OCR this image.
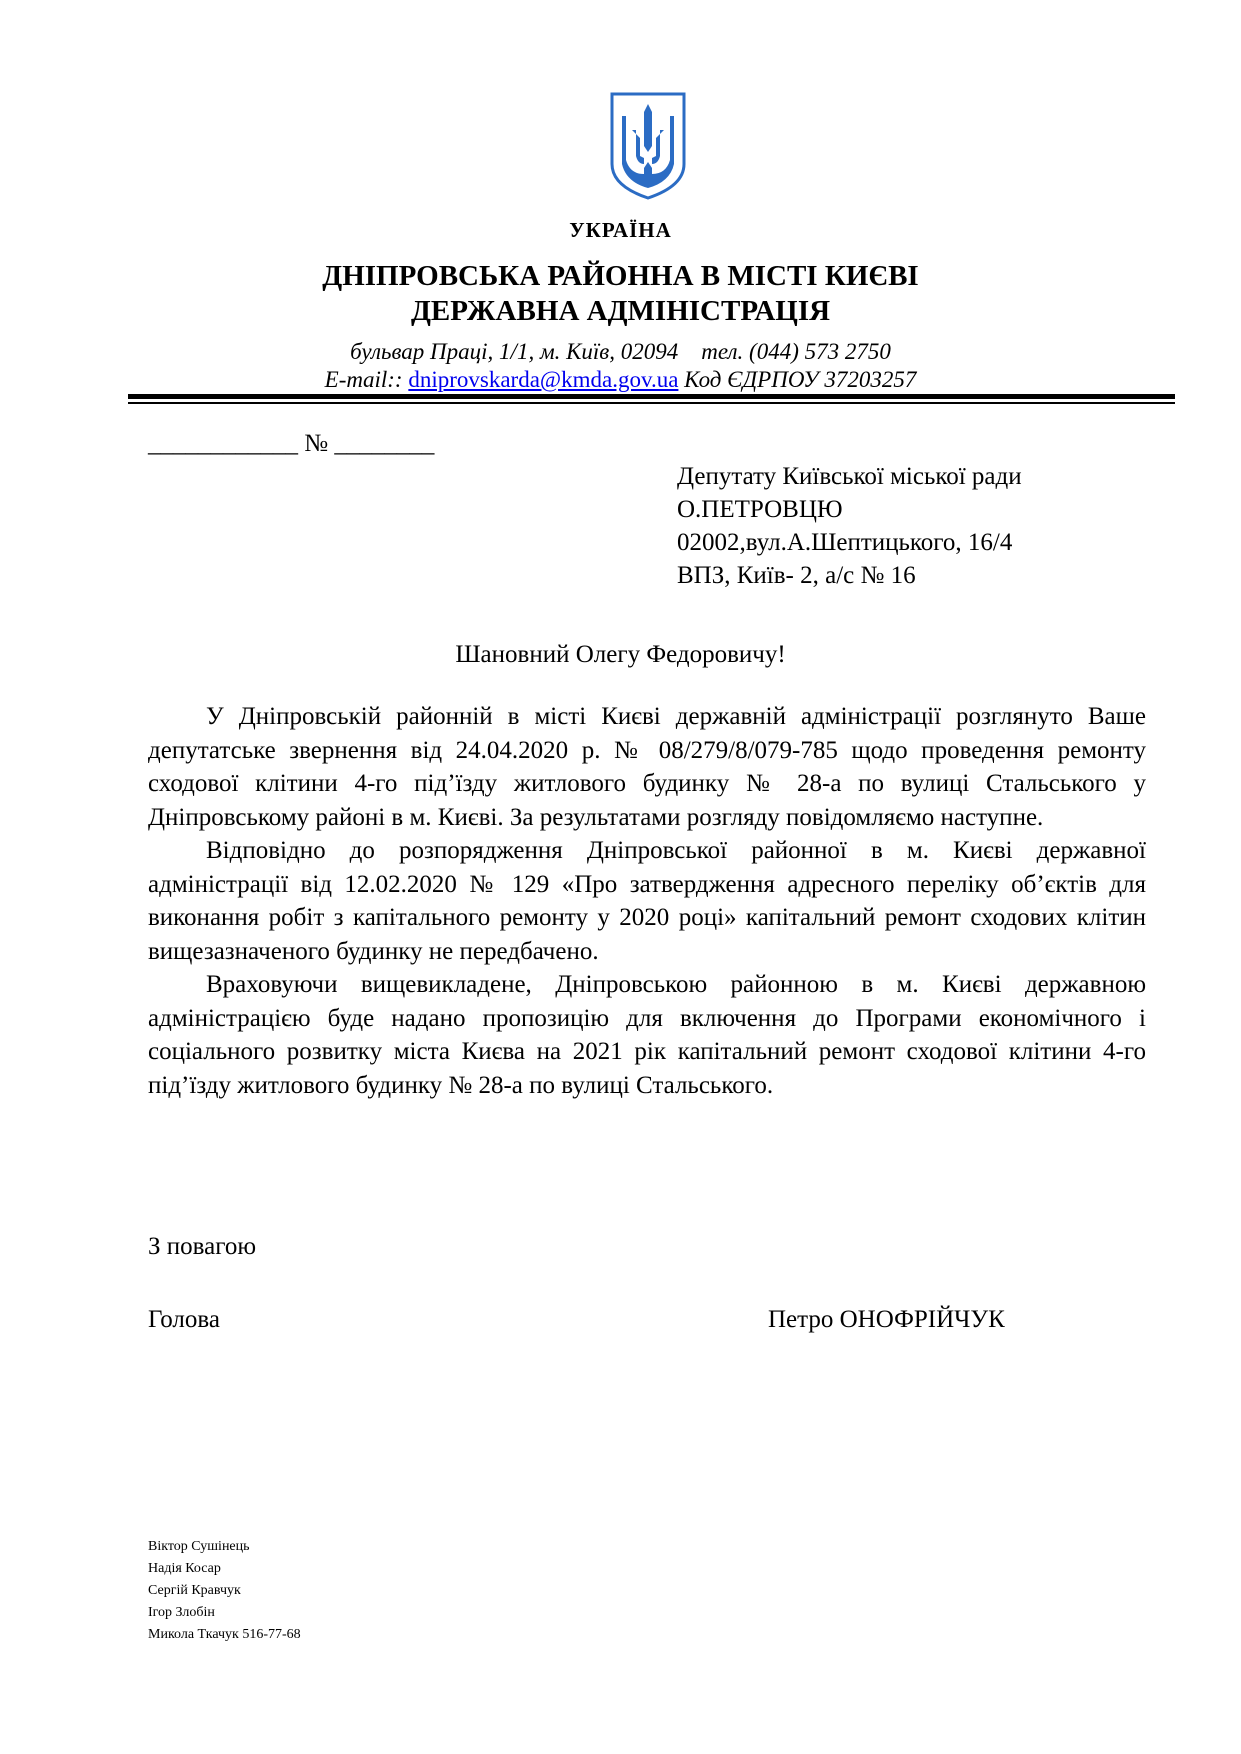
УКРАЇНА
ДНІПРОВСЬКА РАЙОННА В МІСТІ КИЄВІ
ДЕРЖАВНА АДМІНІСТРАЦІЯ
бульвар Праці, 1/1, м. Київ, 02094    тел. (044) 573 2750
E-mail:: dniprovskarda@kmda.gov.ua Код ЄДРПОУ 37203257
____________ № ________
Депутату Київської міської ради
О.ПЕТРОВЦЮ
02002,вул.А.Шептицького, 16/4
ВПЗ, Київ- 2, а/с № 16
Шановний Олегу Федоровичу!

У Дніпровській районній в місті Києві державній адміністрації розглянуто Ваше депутатське звернення від 24.04.2020 р. № 08/279/8/079-785 щодо проведення ремонту сходової клітини 4-го під’їзду житлового будинку № 28-а по вулиці Стальського у Дніпровському районі в м. Києві. За результатами розгляду повідомляємо наступне.

Відповідно до розпорядження Дніпровської районної в м. Києві державної адміністрації від 12.02.2020 № 129 «Про затвердження адресного переліку об’єктів для виконання робіт з капітального ремонту у 2020 році» капітальний ремонт сходових клітин вищезазначеного будинку не передбачено.

Враховуючи вищевикладене, Дніпровською районною в м. Києві державною адміністрацією буде надано пропозицію для включення до Програми економічного і соціального розвитку міста Києва на 2021 рік капітальний ремонт сходової клітини 4-го під’їзду житлового будинку № 28-а по вулиці Стальського.

З повагою
Голова	Петро ОНОФРІЙЧУК
Віктор Сушінець
Надія Косар
Сергій Кравчук
Ігор Злобін
Микола Ткачук 516-77-68
